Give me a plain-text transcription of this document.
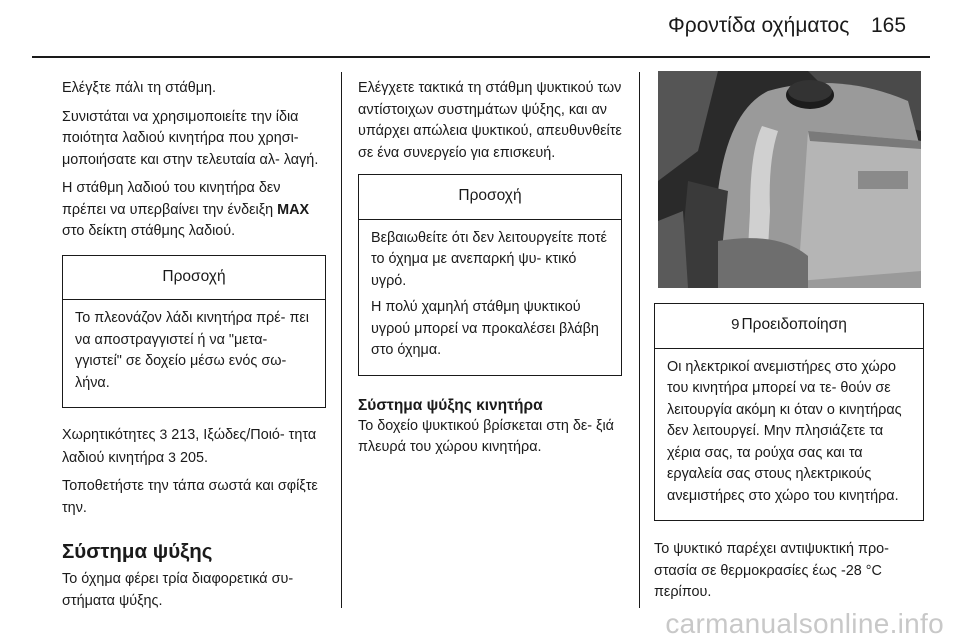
Φροντίδα οχήματος 165

Ελέγξτε πάλι τη στάθμη.

Συνιστάται να χρησιμοποιείτε την ίδια ποιότητα λαδιού κινητήρα που χρησι- μοποιήσατε και στην τελευταία αλ- λαγή.

Η στάθμη λαδιού του κινητήρα δεν πρέπει να υπερβαίνει την ένδειξη MAX στο δείκτη στάθμης λαδιού.

Προσοχή

Το πλεονάζον λάδι κινητήρα πρέ- πει να αποστραγγιστεί ή να "μετα- γγιστεί" σε δοχείο μέσω ενός σω- λήνα.

Χωρητικότητες 3 213, Ιξώδες/Ποιό- τητα λαδιού κινητήρα 3 205.

Τοποθετήστε την τάπα σωστά και σφίξτε την.

Σύστημα ψύξης

Το όχημα φέρει τρία διαφορετικά συ- στήματα ψύξης.

Ελέγχετε τακτικά τη στάθμη ψυκτικού των αντίστοιχων συστημάτων ψύξης, και αν υπάρχει απώλεια ψυκτικού, απευθυνθείτε σε ένα συνεργείο για επισκευή.

Προσοχή

Βεβαιωθείτε ότι δεν λειτουργείτε ποτέ το όχημα με ανεπαρκή ψυ- κτικό υγρό.

Η πολύ χαμηλή στάθμη ψυκτικού υγρού μπορεί να προκαλέσει βλάβη στο όχημα.

Σύστημα ψύξης κινητήρα

Το δοχείο ψυκτικού βρίσκεται στη δε- ξιά πλευρά του χώρου κινητήρα.

9 Προειδοποίηση

Οι ηλεκτρικοί ανεμιστήρες στο χώρο του κινητήρα μπορεί να τε- θούν σε λειτουργία ακόμη κι όταν ο κινητήρας δεν λειτουργεί. Μην πλησιάζετε τα χέρια σας, τα ρούχα σας και τα εργαλεία σας στους ηλεκτρικούς ανεμιστήρες στο χώρο του κινητήρα.

Το ψυκτικό παρέχει αντιψυκτική προ- στασία σε θερμοκρασίες έως -28 °C περίπου.

carmanualsonline.info
